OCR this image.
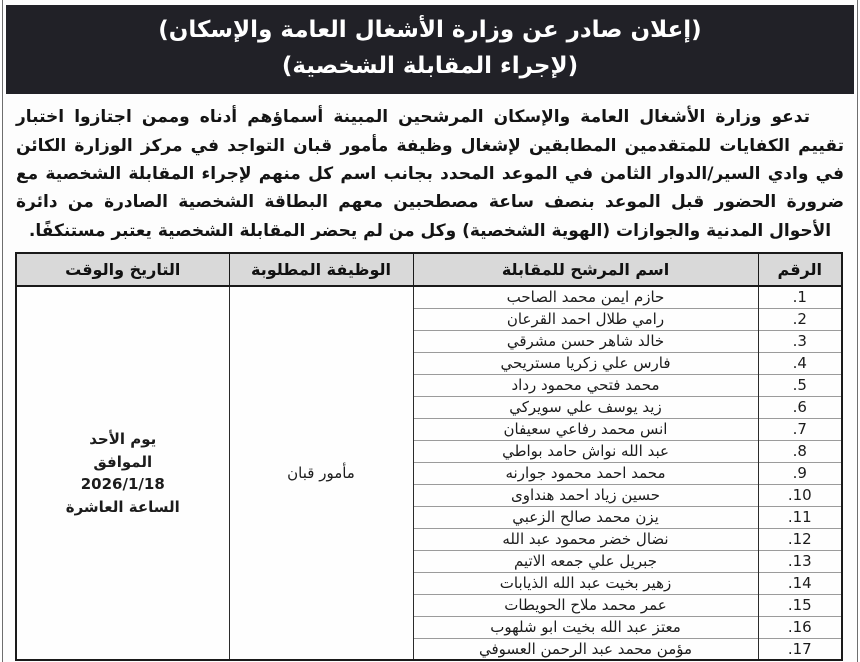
(إعلان صادر عن وزارة الأشغال العامة والإسكان)
(لإجراء المقابلة الشخصية)

تدعو وزارة الأشغال العامة والإسكان المرشحين المبينة أسماؤهم أدناه وممن اجتازوا اختبار تقييم الكفايات للمتقدمين المطابقين لإشغال وظيفة مأمور قبان التواجد في مركز الوزارة الكائن في وادي السير/الدوار الثامن في الموعد المحدد بجانب اسم كل منهم لإجراء المقابلة الشخصية مع ضرورة الحضور قبل الموعد بنصف ساعة مصطحبين معهم البطاقة الشخصية الصادرة من دائرة الأحوال المدنية والجوازات (الهوية الشخصية) وكل من لم يحضر المقابلة الشخصية يعتبر مستنكفًا.

الرقم	اسم المرشح للمقابلة	الوظيفة المطلوبة	التاريخ والوقت
1.	حازم ايمن محمد الصاحب	مأمور قبان	يوم الأحد
الموافق
2026/1/18
الساعة العاشرة
2.	رامي طلال احمد القرعان		
3.	خالد شاهر حسن مشرقي		
4.	فارس علي زكريا مستريحي		
5.	محمد فتحي محمود رداد		
6.	زيد يوسف علي سويركي		
7.	انس محمد رفاعي سعيفان		
8.	عبد الله نواش حامد بواطي		
9.	محمد احمد محمود جوارنه		
10.	حسين زياد احمد هنداوى		
11.	يزن محمد صالح الزعبي		
12.	نضال خضر محمود عبد الله		
13.	جبريل علي جمعه الاتيم		
14.	زهير بخيت عبد الله الذيابات		
15.	عمر محمد ملاح الحويطات		
16.	معتز عبد الله بخيت ابو شلهوب		
17.	مؤمن محمد عبد الرحمن العسوفي		
